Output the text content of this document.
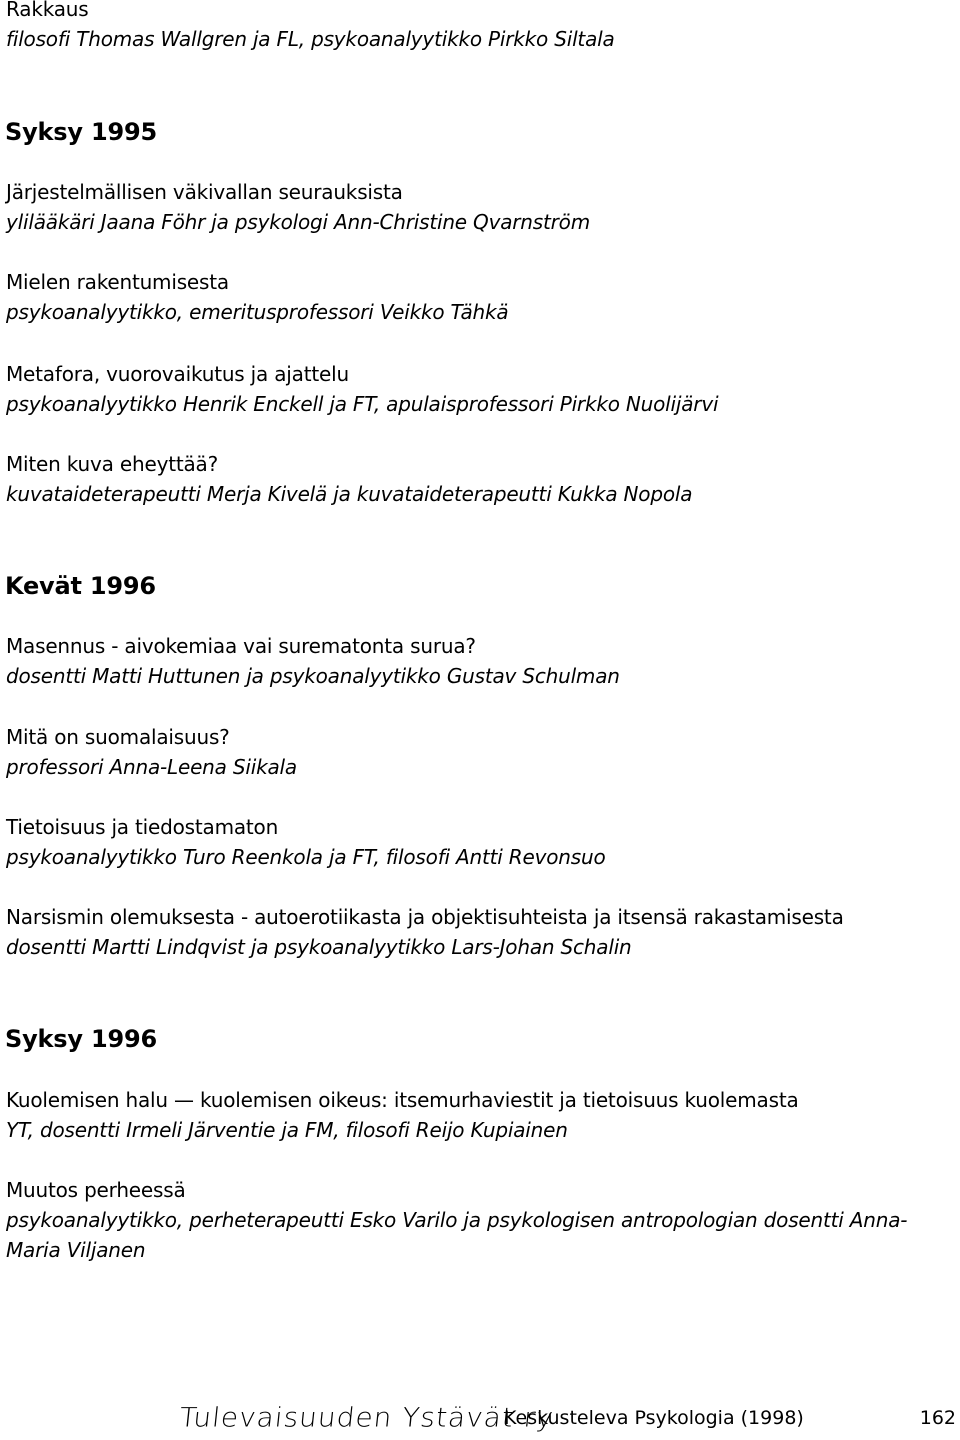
Rakkaus

filosofi Thomas Wallgren ja FL, psykoanalyytikko Pirkko Siltala

Syksy 1995

Järjestelmällisen väkivallan seurauksista

ylilääkäri Jaana Föhr ja psykologi Ann-Christine Qvarnström

Mielen rakentumisesta

psykoanalyytikko, emeritusprofessori Veikko Tähkä

Metafora, vuorovaikutus ja ajattelu

psykoanalyytikko Henrik Enckell ja FT, apulaisprofessori Pirkko Nuolijärvi

Miten kuva eheyttää?

kuvataideterapeutti Merja Kivelä ja kuvataideterapeutti Kukka Nopola

Kevät 1996

Masennus - aivokemiaa vai surematonta surua?

dosentti Matti Huttunen ja psykoanalyytikko Gustav Schulman

Mitä on suomalaisuus?

professori Anna-Leena Siikala

Tietoisuus ja tiedostamaton

psykoanalyytikko Turo Reenkola ja FT, filosofi Antti Revonsuo

Narsismin olemuksesta - autoerotiikasta ja objektisuhteista ja itsensä rakastamisesta

dosentti Martti Lindqvist ja psykoanalyytikko Lars-Johan Schalin

Syksy 1996

Kuolemisen halu — kuolemisen oikeus: itsemurhaviestit ja tietoisuus kuolemasta

YT, dosentti Irmeli Järventie ja FM, filosofi Reijo Kupiainen

Muutos perheessä

psykoanalyytikko, perheterapeutti Esko Varilo ja psykologisen antropologian dosentti Anna-

Maria Viljanen

Tulevaisuuden Ystävät ry
Keskusteleva Psykologia (1998)	162
